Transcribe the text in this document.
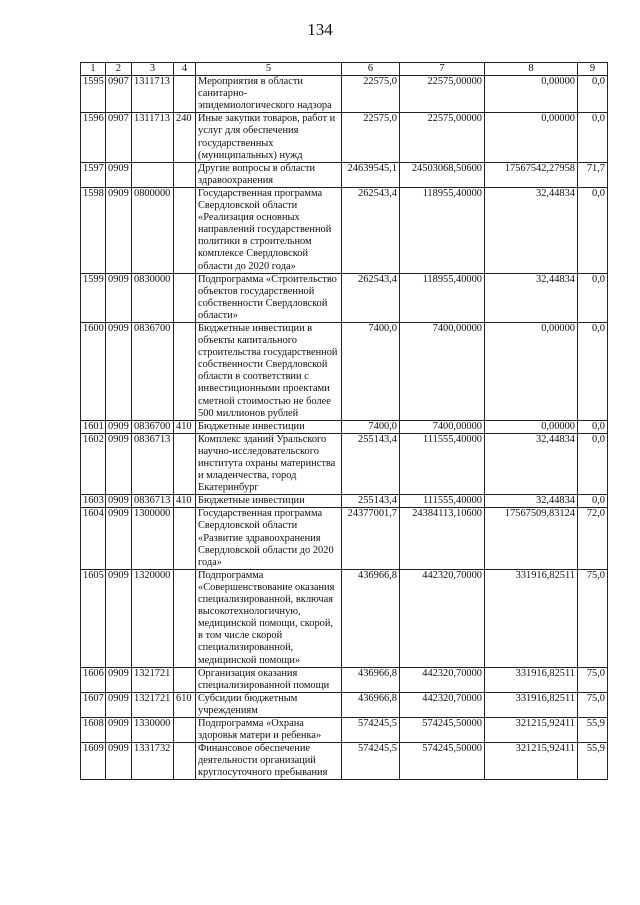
134
1	2	3	4	5	6	7	8	9
1595	0907	1311713		Мероприятия в области санитарно-эпидемиологического надзора	22575,0	22575,00000	0,00000	0,0
1596	0907	1311713	240	Иные закупки товаров, работ и услуг для обеспечения государственных (муниципальных) нужд	22575,0	22575,00000	0,00000	0,0
1597	0909			Другие вопросы в области здравоохранения	24639545,1	24503068,50600	17567542,27958	71,7
1598	0909	0800000		Государственная программа Свердловской области «Реализация основных направлений государственной политики в строительном комплексе Свердловской области до 2020 года»	262543,4	118955,40000	32,44834	0,0
1599	0909	0830000		Подпрограмма «Строительство объектов государственной собственности Свердловской области»	262543,4	118955,40000	32,44834	0,0
1600	0909	0836700		Бюджетные инвестиции в объекты капитального строительства государственной собственности Свердловской области в соответствии с инвестиционными проектами сметной стоимостью не более 500 миллионов рублей	7400,0	7400,00000	0,00000	0,0
1601	0909	0836700	410	Бюджетные инвестиции	7400,0	7400,00000	0,00000	0,0
1602	0909	0836713		Комплекс зданий Уральского научно-исследовательского института охраны материнства и младенчества, город Екатеринбург	255143,4	111555,40000	32,44834	0,0
1603	0909	0836713	410	Бюджетные инвестиции	255143,4	111555,40000	32,44834	0,0
1604	0909	1300000		Государственная программа Свердловской области «Развитие здравоохранения Свердловской области до 2020 года»	24377001,7	24384113,10600	17567509,83124	72,0
1605	0909	1320000		Подпрограмма «Совершенствование оказания специализированной, включая высокотехнологичную, медицинской помощи, скорой, в том числе скорой специализированной, медицинской помощи»	436966,8	442320,70000	331916,82511	75,0
1606	0909	1321721		Организация оказания специализированной помощи	436966,8	442320,70000	331916,82511	75,0
1607	0909	1321721	610	Субсидии бюджетным учреждениям	436966,8	442320,70000	331916,82511	75,0
1608	0909	1330000		Подпрограмма «Охрана здоровья матери и ребенка»	574245,5	574245,50000	321215,92411	55,9
1609	0909	1331732		Финансовое обеспечение деятельности организаций круглосуточного пребывания	574245,5	574245,50000	321215,92411	55,9
